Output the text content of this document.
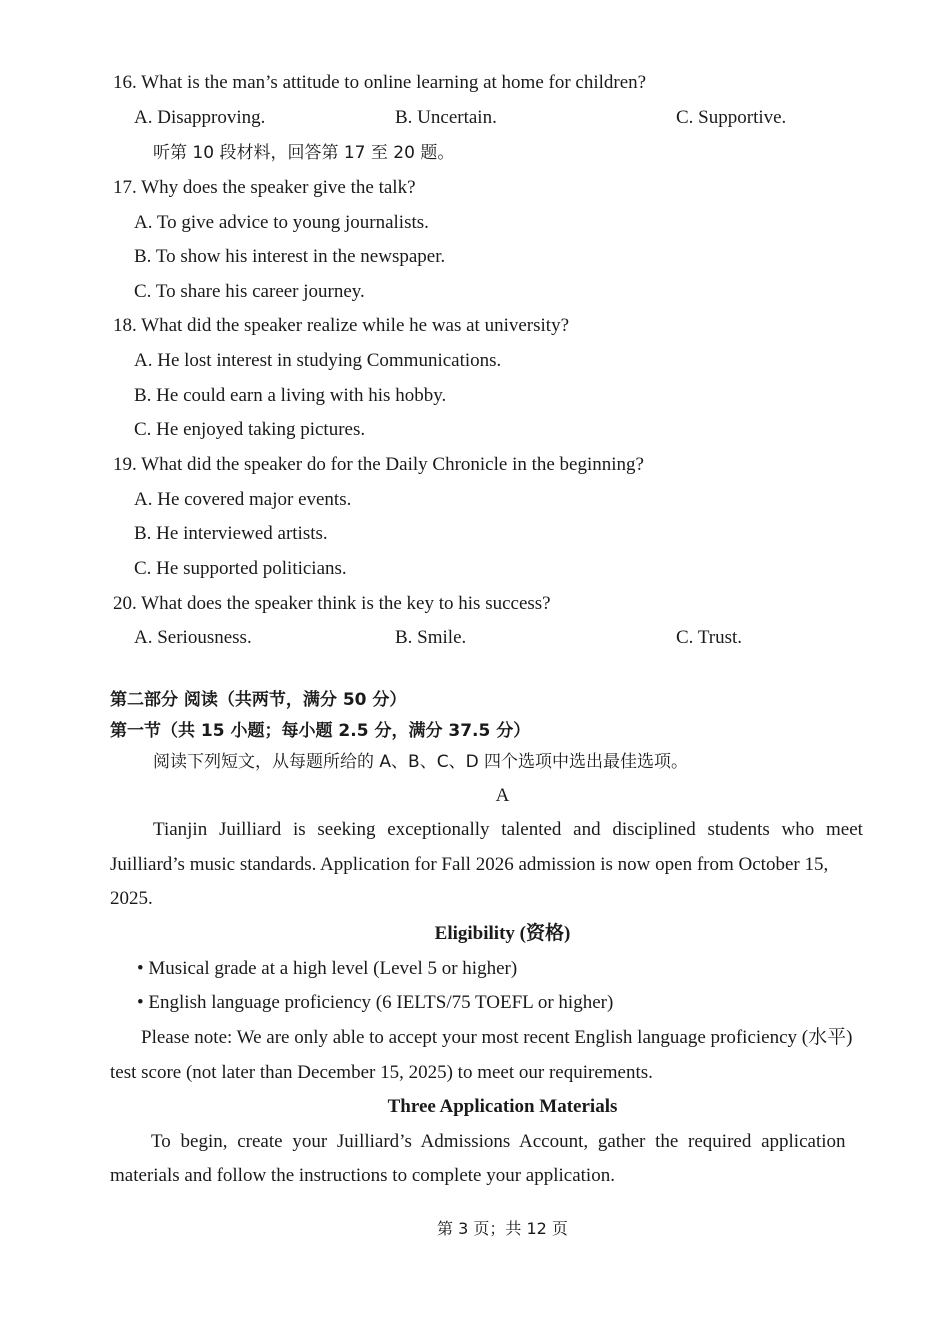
16. What is the man’s attitude to online learning at home for children?
A. Disapproving.	B. Uncertain.	C. Supportive.
听第 10 段材料，回答第 17 至 20 题。
17. Why does the speaker give the talk?
A. To give advice to young journalists.
B. To show his interest in the newspaper.
C. To share his career journey.
18. What did the speaker realize while he was at university?
A. He lost interest in studying Communications.
B. He could earn a living with his hobby.
C. He enjoyed taking pictures.
19. What did the speaker do for the Daily Chronicle in the beginning?
A. He covered major events.
B. He interviewed artists.
C. He supported politicians.
20. What does the speaker think is the key to his success?
A. Seriousness.	B. Smile.	C. Trust.
第二部分 阅读（共两节，满分 50 分）
第一节（共 15 小题；每小题 2.5 分，满分 37.5 分）
阅读下列短文，从每题所给的 A、B、C、D 四个选项中选出最佳选项。
A
Tianjin Juilliard is seeking exceptionally talented and disciplined students who meet
Juilliard’s music standards. Application for Fall 2026 admission is now open from October 15,
2025.
Eligibility (资格)
• Musical grade at a high level (Level 5 or higher)
• English language proficiency (6 IELTS/75 TOEFL or higher)
Please note: We are only able to accept your most recent English language proficiency (水平)
test score (not later than December 15, 2025) to meet our requirements.
Three Application Materials
To begin, create your Juilliard’s Admissions Account, gather the required application
materials and follow the instructions to complete your application.
第 3 页；共 12 页
